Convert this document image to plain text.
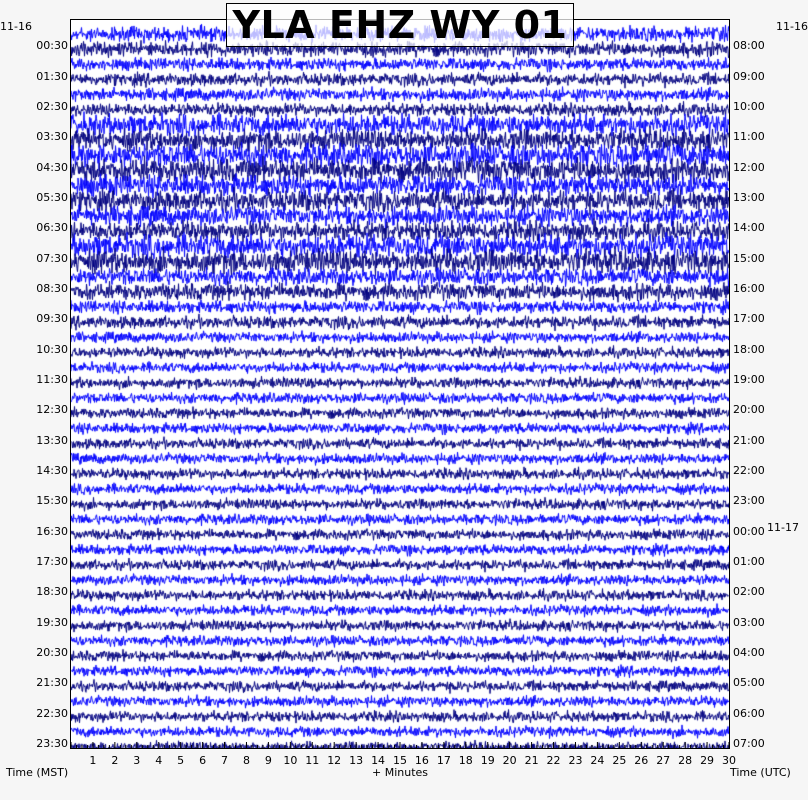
YLA EHZ WY 01
11-16	11-16
00:30
01:30
02:30
03:30
04:30
05:30
06:30
07:30
08:30
09:30
10:30
11:30
12:30
13:30
14:30
15:30
16:30
17:30
18:30
19:30
20:30
21:30
22:30
23:30
08:00
09:00
10:00
11:00
12:00
13:00
14:00
15:00
16:00
17:00
18:00
19:00
20:00
21:00
22:00
23:00
00:00
01:00
02:00
03:00
04:00
05:00
06:00
07:00
11-17
1	2	3	4	5	6	7	8	9	10 11 12 13 14 15 16 17 18 19 20 21 22 23 24 25 26 27 28 29 30
Time (MST)	+ Minutes	Time (UTC)
